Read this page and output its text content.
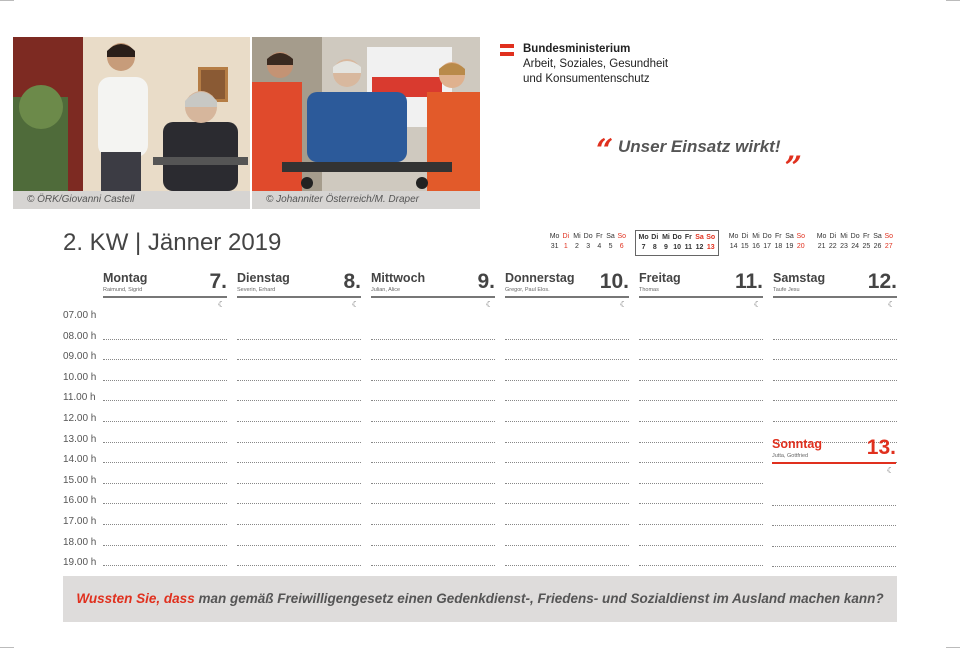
© ÖRK/Giovanni Castell	© Johanniter Österreich/M. Draper
Bundesministerium
Arbeit, Soziales, Gesundheit
und Konsumentenschutz
“ Unser Einsatz wirkt! „
2. KW | Jänner 2019	Mo Di Mi Do Fr Sa So
31 1	2	3	4	5	6
Mo Di Mi Do Fr Sa So
7	8	9 10 11 12 13
Mo Di Mi Do Fr Sa So
14 15 16 17 18 19 20
Mo Di Mi Do Fr Sa So
21 22 23 24 25 26 27
07.00 h
08.00 h
09.00 h
10.00 h
11.00 h
12.00 h
13.00 h
14.00 h
15.00 h
16.00 h
17.00 h
18.00 h
19.00 h
Montag
Raimund, Sigrid	7.
☾
Dienstag
Severin, Erhard	8.
☾
Mittwoch
Julian, Alice	9.
☾
Donnerstag
Gregor, Paul Elos. 10.
☾
Freitag
Thomas	11.
☾
Samstag
Taufe Jesu	12.
☾
Sonntag
Jutta, Gottfried	13.
☾
Wussten Sie, dass man gemäß Freiwilligengesetz einen Gedenkdienst-, Friedens- und Sozialdienst im Ausland machen kann?
